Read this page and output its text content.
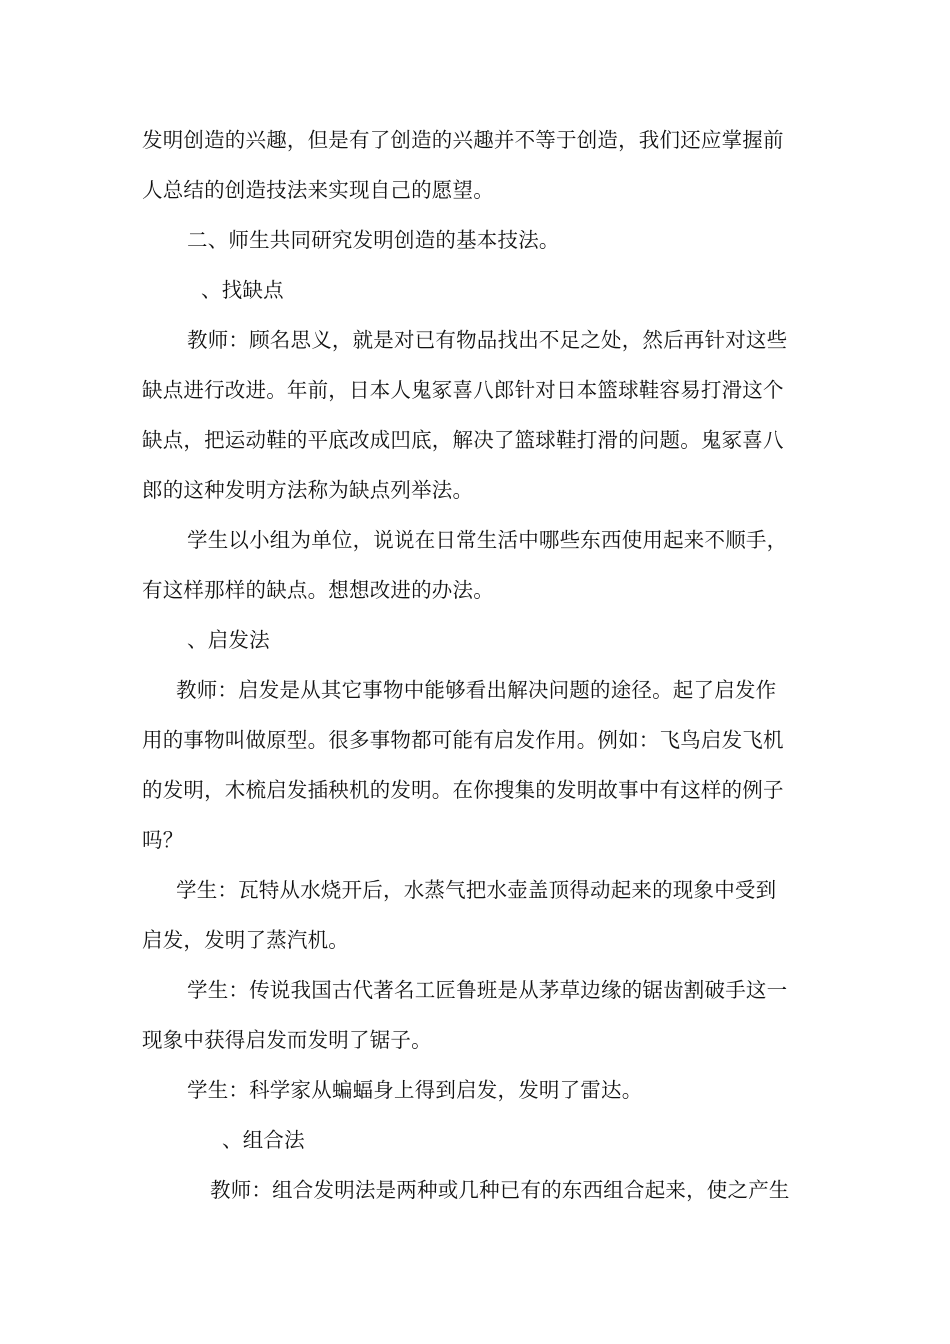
发明创造的兴趣，但是有了创造的兴趣并不等于创造，我们还应掌握前
人总结的创造技法来实现自己的愿望。
二、师生共同研究发明创造的基本技法。
、找缺点
教师：顾名思义，就是对已有物品找出不足之处，然后再针对这些
缺点进行改进。年前，日本人鬼冢喜八郎针对日本篮球鞋容易打滑这个
缺点，把运动鞋的平底改成凹底，解决了篮球鞋打滑的问题。鬼冢喜八
郎的这种发明方法称为缺点列举法。
学生以小组为单位，说说在日常生活中哪些东西使用起来不顺手，
有这样那样的缺点。想想改进的办法。
、启发法
教师：启发是从其它事物中能够看出解决问题的途径。起了启发作
用的事物叫做原型。很多事物都可能有启发作用。例如：飞鸟启发飞机
的发明，木梳启发插秧机的发明。在你搜集的发明故事中有这样的例子
吗？
学生：瓦特从水烧开后，水蒸气把水壶盖顶得动起来的现象中受到
启发，发明了蒸汽机。
学生：传说我国古代著名工匠鲁班是从茅草边缘的锯齿割破手这一
现象中获得启发而发明了锯子。
学生：科学家从蝙蝠身上得到启发，发明了雷达。
、组合法
教师：组合发明法是两种或几种已有的东西组合起来，使之产生
